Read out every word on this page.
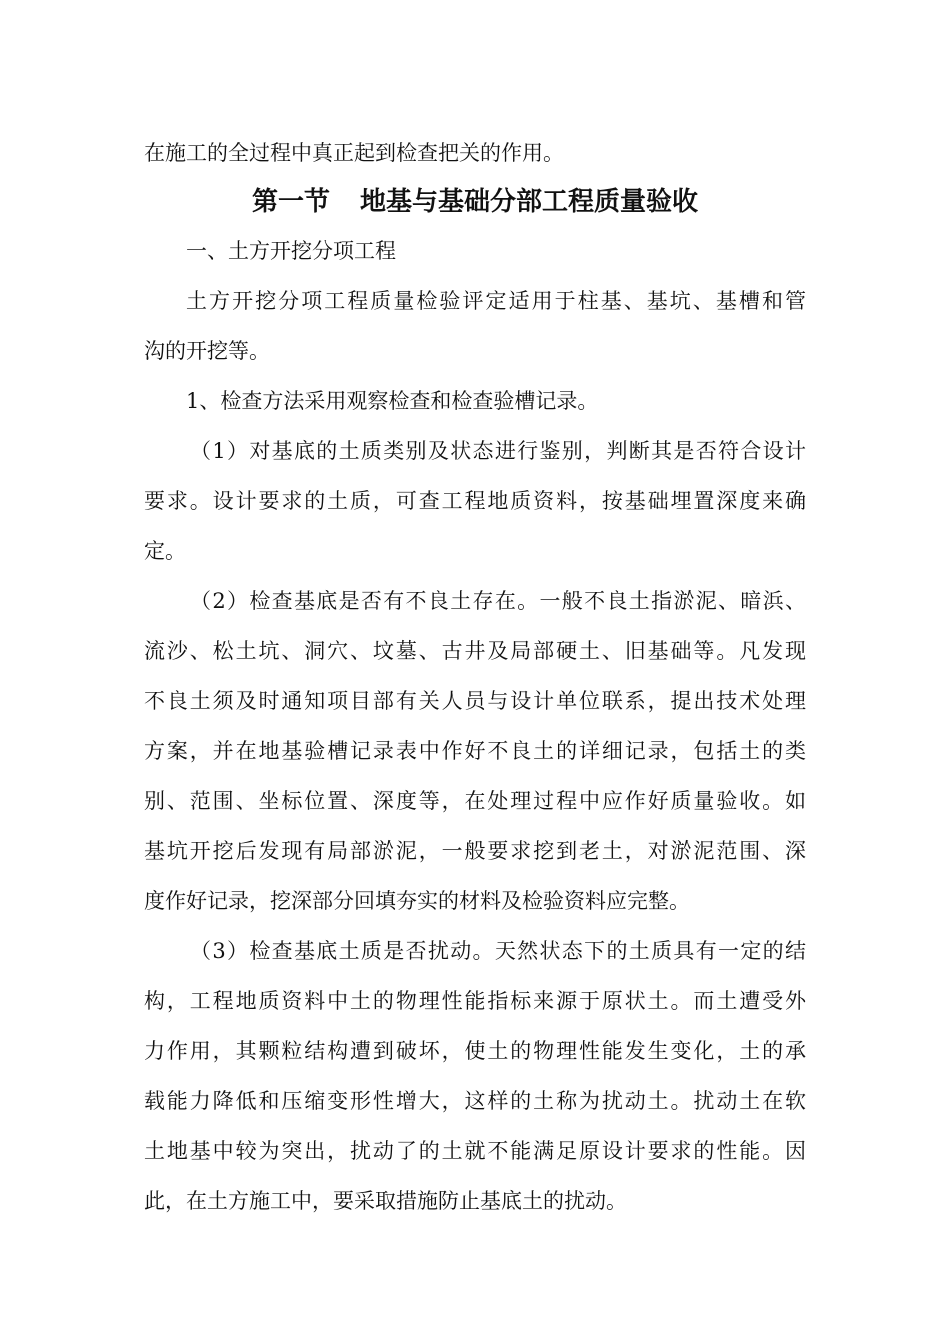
在施工的全过程中真正起到检查把关的作用。
第一节 地基与基础分部工程质量验收
一、土方开挖分项工程
土方开挖分项工程质量检验评定适用于柱基、基坑、基槽和管
沟的开挖等。
1、检查方法采用观察检查和检查验槽记录。
（1）对基底的土质类别及状态进行鉴别，判断其是否符合设计
要求。设计要求的土质，可查工程地质资料，按基础埋置深度来确
定。
（2）检查基底是否有不良土存在。一般不良土指淤泥、暗浜、
流沙、松土坑、洞穴、坟墓、古井及局部硬土、旧基础等。凡发现
不良土须及时通知项目部有关人员与设计单位联系，提出技术处理
方案，并在地基验槽记录表中作好不良土的详细记录，包括土的类
别、范围、坐标位置、深度等，在处理过程中应作好质量验收。如
基坑开挖后发现有局部淤泥，一般要求挖到老土，对淤泥范围、深
度作好记录，挖深部分回填夯实的材料及检验资料应完整。
（3）检查基底土质是否扰动。天然状态下的土质具有一定的结
构，工程地质资料中土的物理性能指标来源于原状土。而土遭受外
力作用，其颗粒结构遭到破坏，使土的物理性能发生变化，土的承
载能力降低和压缩变形性增大，这样的土称为扰动土。扰动土在软
土地基中较为突出，扰动了的土就不能满足原设计要求的性能。因
此，在土方施工中，要采取措施防止基底土的扰动。
